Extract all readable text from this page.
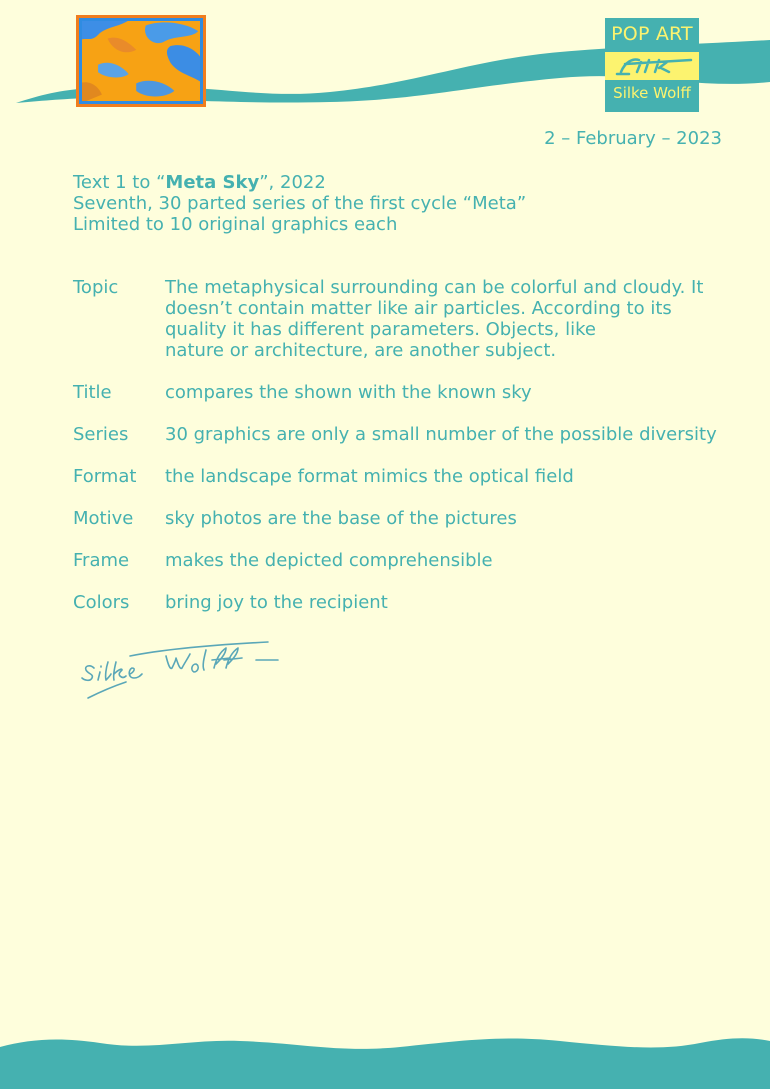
POP ART
Silke Wolff
2 – February – 2023
Text 1 to “Meta Sky”, 2022
Seventh, 30 parted series of the first cycle “Meta”
Limited to 10 original graphics each
Topic	The metaphysical surrounding can be colorful and cloudy. It
doesn’t contain matter like air particles. According to its
quality it has different parameters. Objects, like
nature or architecture, are another subject.
Title	compares the shown with the known sky
Series	30 graphics are only a small number of the possible diversity
Format	the landscape format mimics the optical field
Motive	sky photos are the base of the pictures
Frame	makes the depicted comprehensible
Colors	bring joy to the recipient
